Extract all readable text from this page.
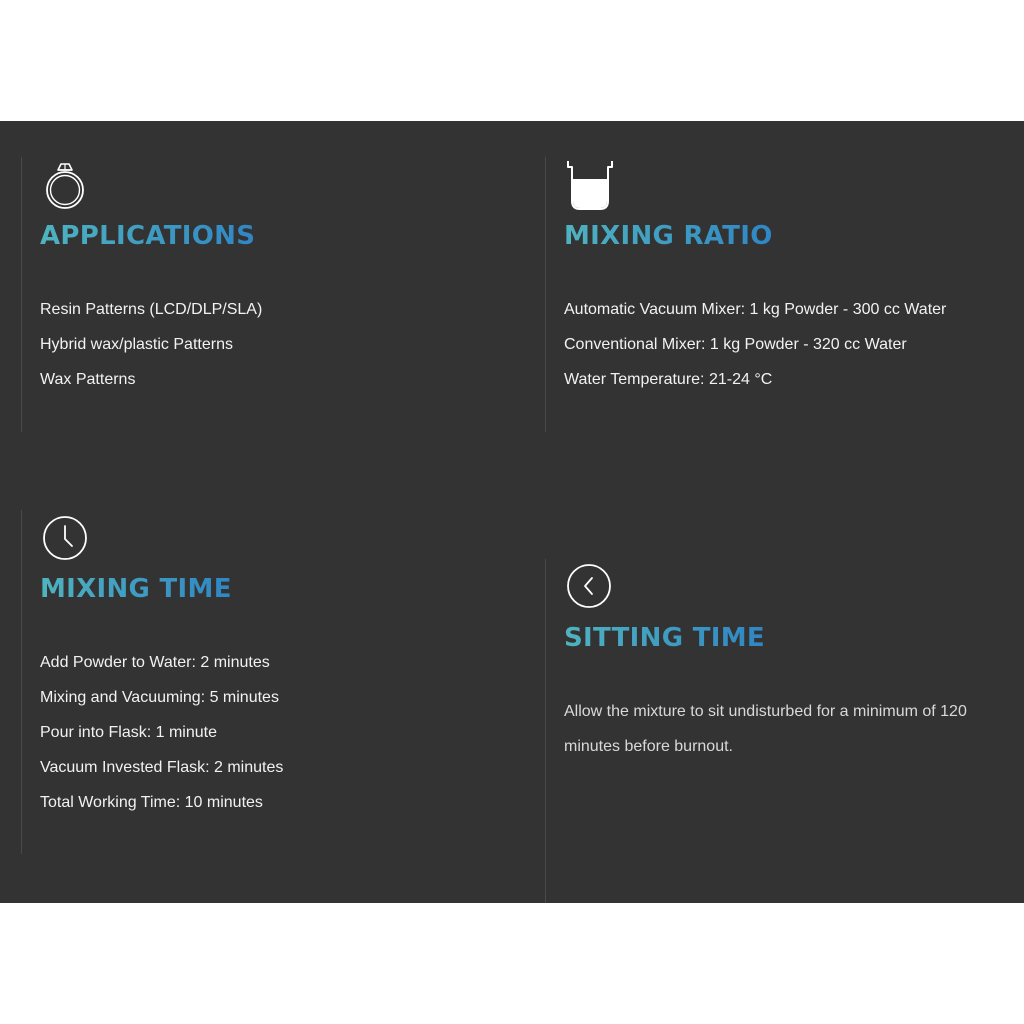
APPLICATIONS
Resin Patterns (LCD/DLP/SLA)
Hybrid wax/plastic Patterns
Wax Patterns
MIXING RATIO
Automatic Vacuum Mixer: 1 kg Powder - 300 cc Water
Conventional Mixer: 1 kg Powder - 320 cc Water
Water Temperature: 21-24 °C
MIXING TIME
Add Powder to Water: 2 minutes
Mixing and Vacuuming: 5 minutes
Pour into Flask: 1 minute
Vacuum Invested Flask: 2 minutes
Total Working Time: 10 minutes
SITTING TIME

Allow the mixture to sit undisturbed for a minimum of 120 minutes before burnout.
